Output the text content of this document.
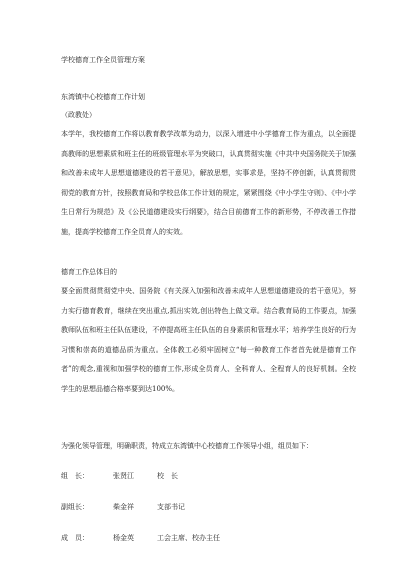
学校德育工作全员管理方案
东湾镇中心校德育工作计划
（政教处）
本学年，我校德育工作将以教育教学改革为动力，以深入增进中小学德育工作为重点，以全面提高教师的思想素质和班主任的班级管理水平为突破口，认真贯彻实施《中共中央国务院关于加强和改善未成年人思想道德建设的若干意见》，解放思想，实事求是，坚持不停创新，认真贯彻贯彻党的教育方针，按照教育局和学校总体工作计划的规定，紧紧围绕《中小学生守则》、《中小学生日常行为规范》及《公民道德建设实行纲要》，结合目前德育工作的新形势，不停改善工作措施，提高学校德育工作全员育人的实效。
德育工作总体目的
要全面贯彻贯彻党中央、国务院《有关深入加强和改善未成年人思想道德建设的若干意见》，努力实行德育教育，继续在突出重点,抓出实效,创出特色上做文章。结合教育局的工作要点，加强教师队伍和班主任队伍建设，不停提高班主任队伍的自身素质和管理水平；培养学生良好的行为习惯和崇高的道德品质为重点。全体教工必须牢固树立“每一种教育工作者首先就是德育工作者”的观念,重视和加强学校的德育工作,形成全员育人、全科育人、全程育人的良好机制。全校学生的思想品德合格率要到达100%。
为强化领导管理，明确职责，特成立东湾镇中心校德育工作领导小组，组员如下：
组　长：	张贤江	校　长
副组长：	柴金祥	支部书记
成　员：	杨金英	工会主席、校办主任
